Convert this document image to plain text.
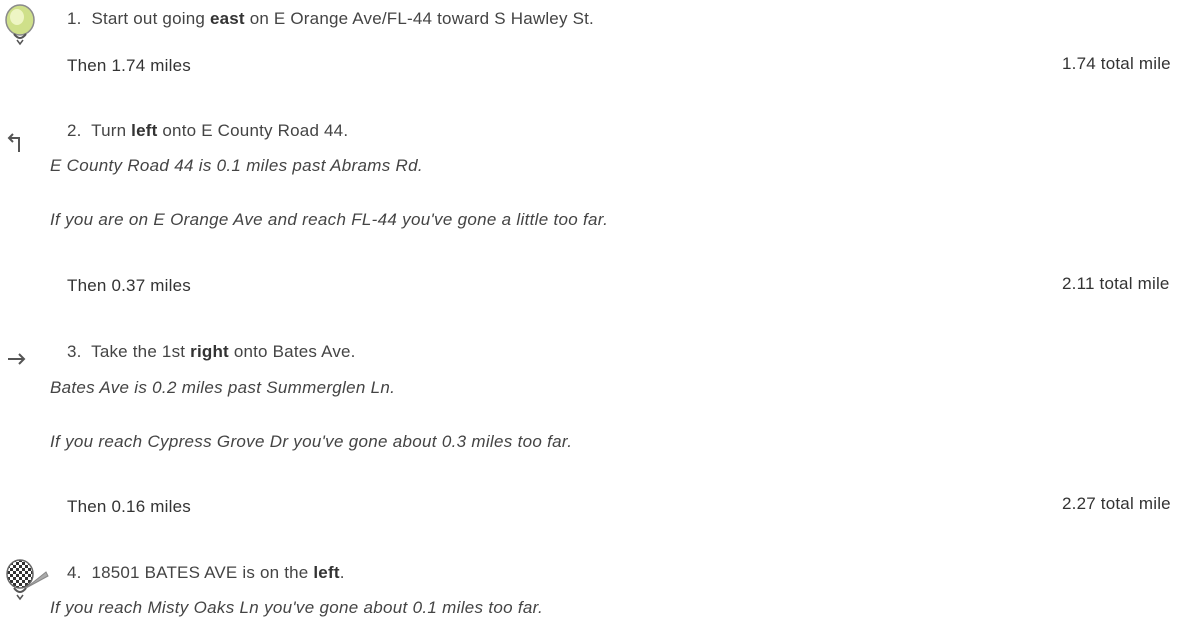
1. Start out going east on E Orange Ave/FL-44 toward S Hawley St.
Then 1.74 miles	1.74 total mile
2. Turn left onto E County Road 44.
E County Road 44 is 0.1 miles past Abrams Rd.
If you are on E Orange Ave and reach FL-44 you've gone a little too far.
Then 0.37 miles	2.11 total mile
3. Take the 1st right onto Bates Ave.
Bates Ave is 0.2 miles past Summerglen Ln.
If you reach Cypress Grove Dr you've gone about 0.3 miles too far.
Then 0.16 miles	2.27 total mile
4. 18501 BATES AVE is on the left.
If you reach Misty Oaks Ln you've gone about 0.1 miles too far.
